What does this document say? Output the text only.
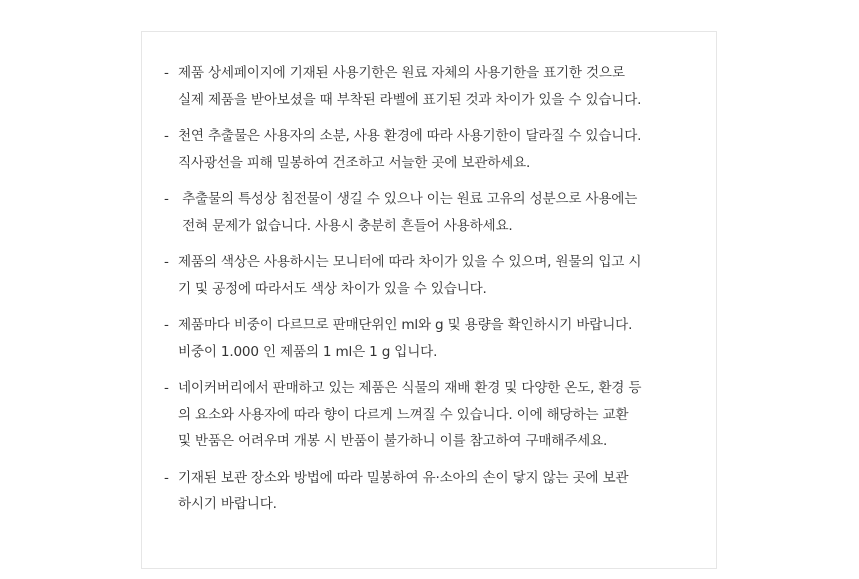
- 제품 상세페이지에 기재된 사용기한은 원료 자체의 사용기한을 표기한 것으로
실제 제품을 받아보셨을 때 부착된 라벨에 표기된 것과 차이가 있을 수 있습니다.
- 천연 추출물은 사용자의 소분, 사용 환경에 따라 사용기한이 달라질 수 있습니다.
직사광선을 피해 밀봉하여 건조하고 서늘한 곳에 보관하세요.
- 추출물의 특성상 침전물이 생길 수 있으나 이는 원료 고유의 성분으로 사용에는
전혀 문제가 없습니다. 사용시 충분히 흔들어 사용하세요.
- 제품의 색상은 사용하시는 모니터에 따라 차이가 있을 수 있으며, 원물의 입고 시
기 및 공정에 따라서도 색상 차이가 있을 수 있습니다.
- 제품마다 비중이 다르므로 판매단위인 ml와 g 및 용량을 확인하시기 바랍니다.
비중이 1.000 인 제품의 1 ml은 1 g 입니다.
- 네이커버리에서 판매하고 있는 제품은 식물의 재배 환경 및 다양한 온도, 환경 등
의 요소와 사용자에 따라 향이 다르게 느껴질 수 있습니다. 이에 해당하는 교환
및 반품은 어려우며 개봉 시 반품이 불가하니 이를 참고하여 구매해주세요.
- 기재된 보관 장소와 방법에 따라 밀봉하여 유·소아의 손이 닿지 않는 곳에 보관
하시기 바랍니다.
